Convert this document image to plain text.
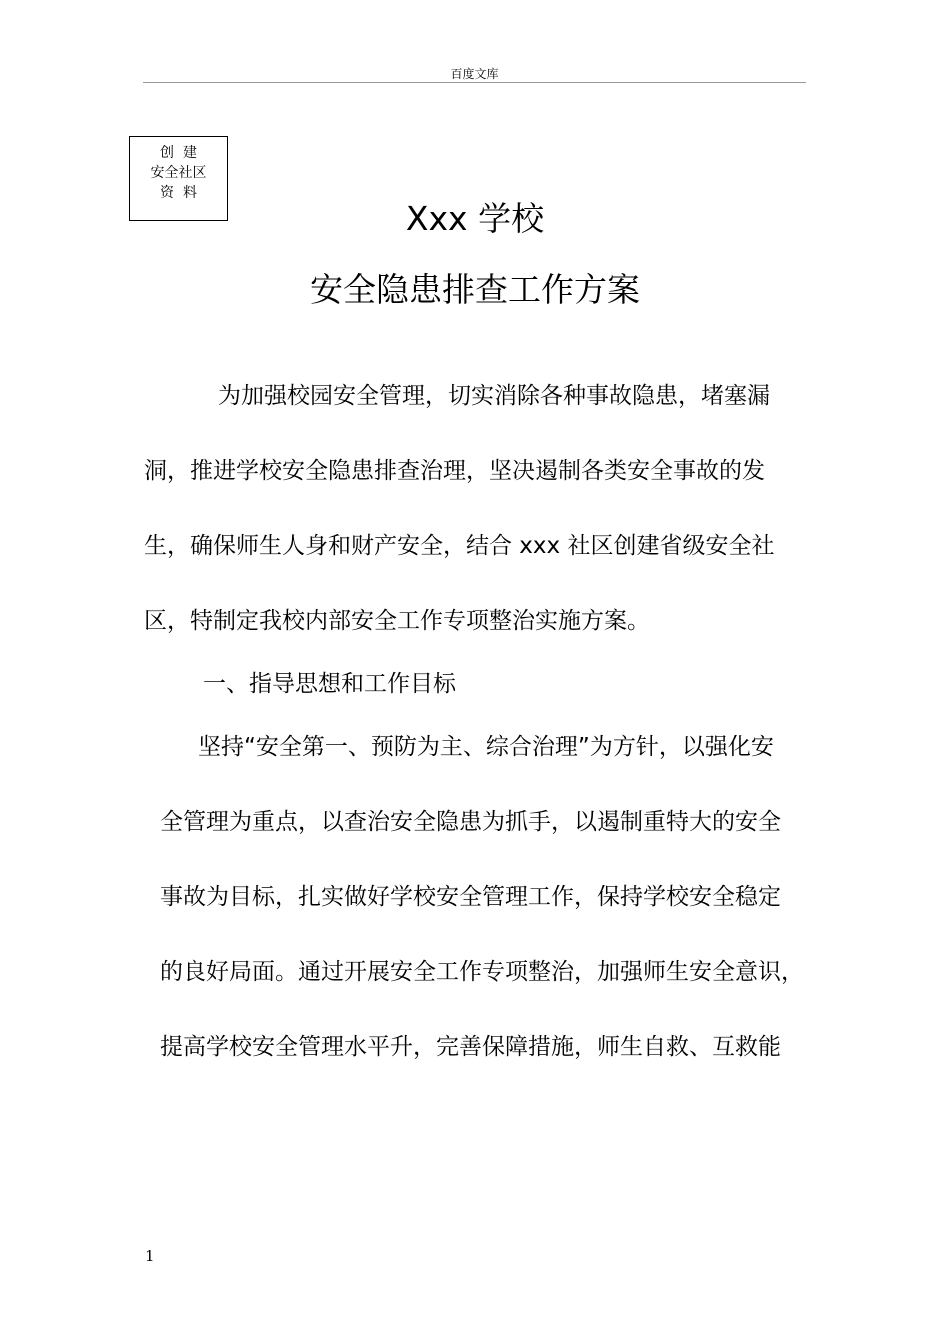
百度文库
创  建
安全社区
资  料
Xxx 学校
安全隐患排查工作方案
为加强校园安全管理，切实消除各种事故隐患，堵塞漏
洞，推进学校安全隐患排查治理，坚决遏制各类安全事故的发
生，确保师生人身和财产安全，结合 xxx 社区创建省级安全社
区，特制定我校内部安全工作专项整治实施方案。
一、指导思想和工作目标
坚持“安全第一、预防为主、综合治理”为方针，以强化安
全管理为重点，以查治安全隐患为抓手，以遏制重特大的安全
事故为目标，扎实做好学校安全管理工作，保持学校安全稳定
的良好局面。通过开展安全工作专项整治，加强师生安全意识，
提高学校安全管理水平升，完善保障措施，师生自救、互救能
1
